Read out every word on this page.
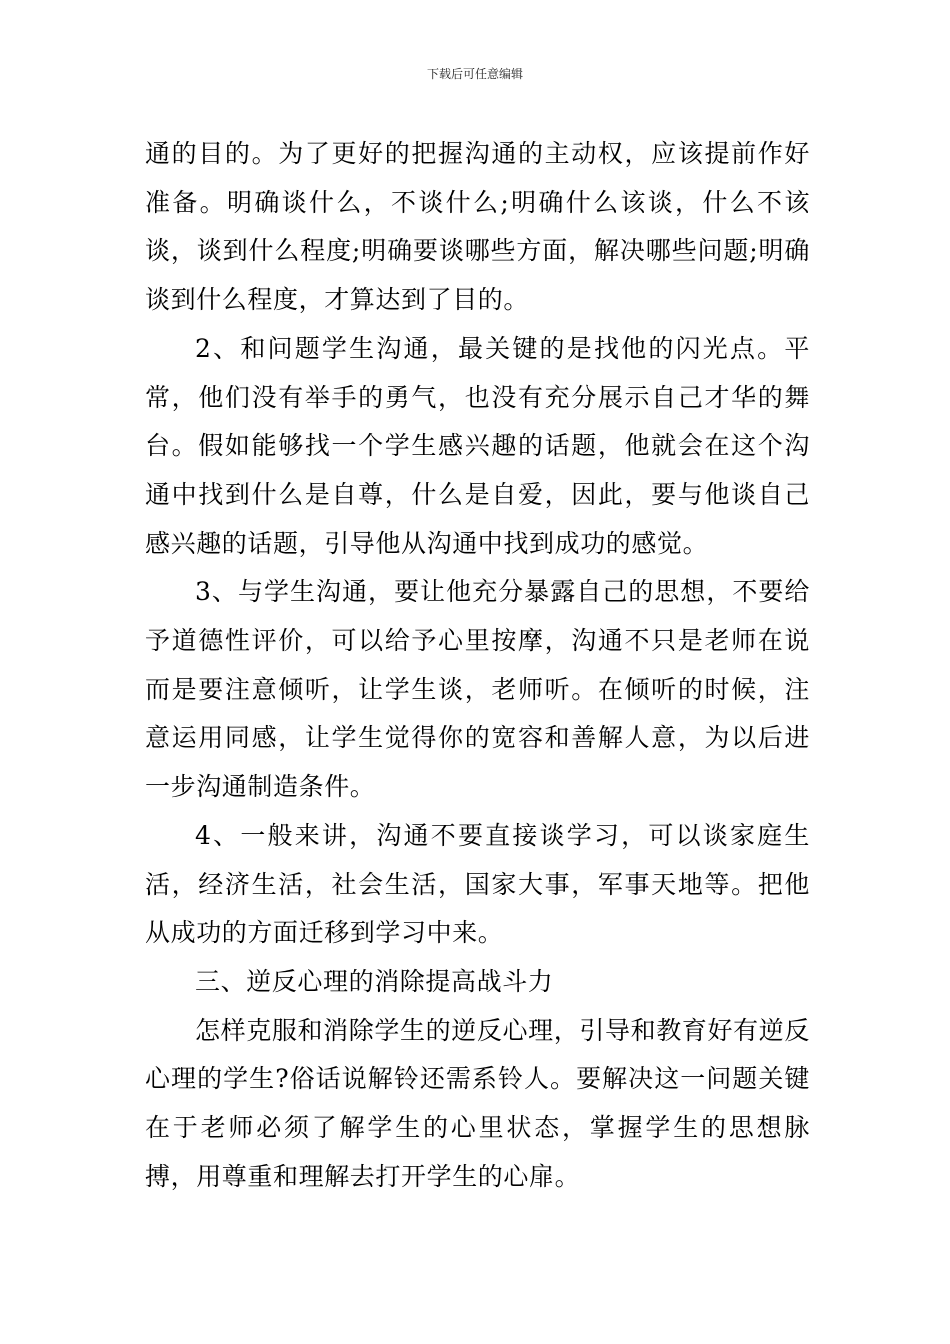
下载后可任意编辑

通的目的。为了更好的把握沟通的主动权，应该提前作好准备。明确谈什么，不谈什么;明确什么该谈，什么不该谈，谈到什么程度;明确要谈哪些方面，解决哪些问题;明确谈到什么程度，才算达到了目的。

2、和问题学生沟通，最关键的是找他的闪光点。平常，他们没有举手的勇气，也没有充分展示自己才华的舞台。假如能够找一个学生感兴趣的话题，他就会在这个沟通中找到什么是自尊，什么是自爱，因此，要与他谈自己感兴趣的话题，引导他从沟通中找到成功的感觉。

3、与学生沟通，要让他充分暴露自己的思想，不要给予道德性评价，可以给予心里按摩，沟通不只是老师在说而是要注意倾听，让学生谈，老师听。在倾听的时候，注意运用同感，让学生觉得你的宽容和善解人意，为以后进一步沟通制造条件。

4、一般来讲，沟通不要直接谈学习，可以谈家庭生活，经济生活，社会生活，国家大事，军事天地等。把他从成功的方面迁移到学习中来。

三、逆反心理的消除提高战斗力

怎样克服和消除学生的逆反心理，引导和教育好有逆反心理的学生?俗话说解铃还需系铃人。要解决这一问题关键在于老师必须了解学生的心里状态，掌握学生的思想脉搏，用尊重和理解去打开学生的心扉。
